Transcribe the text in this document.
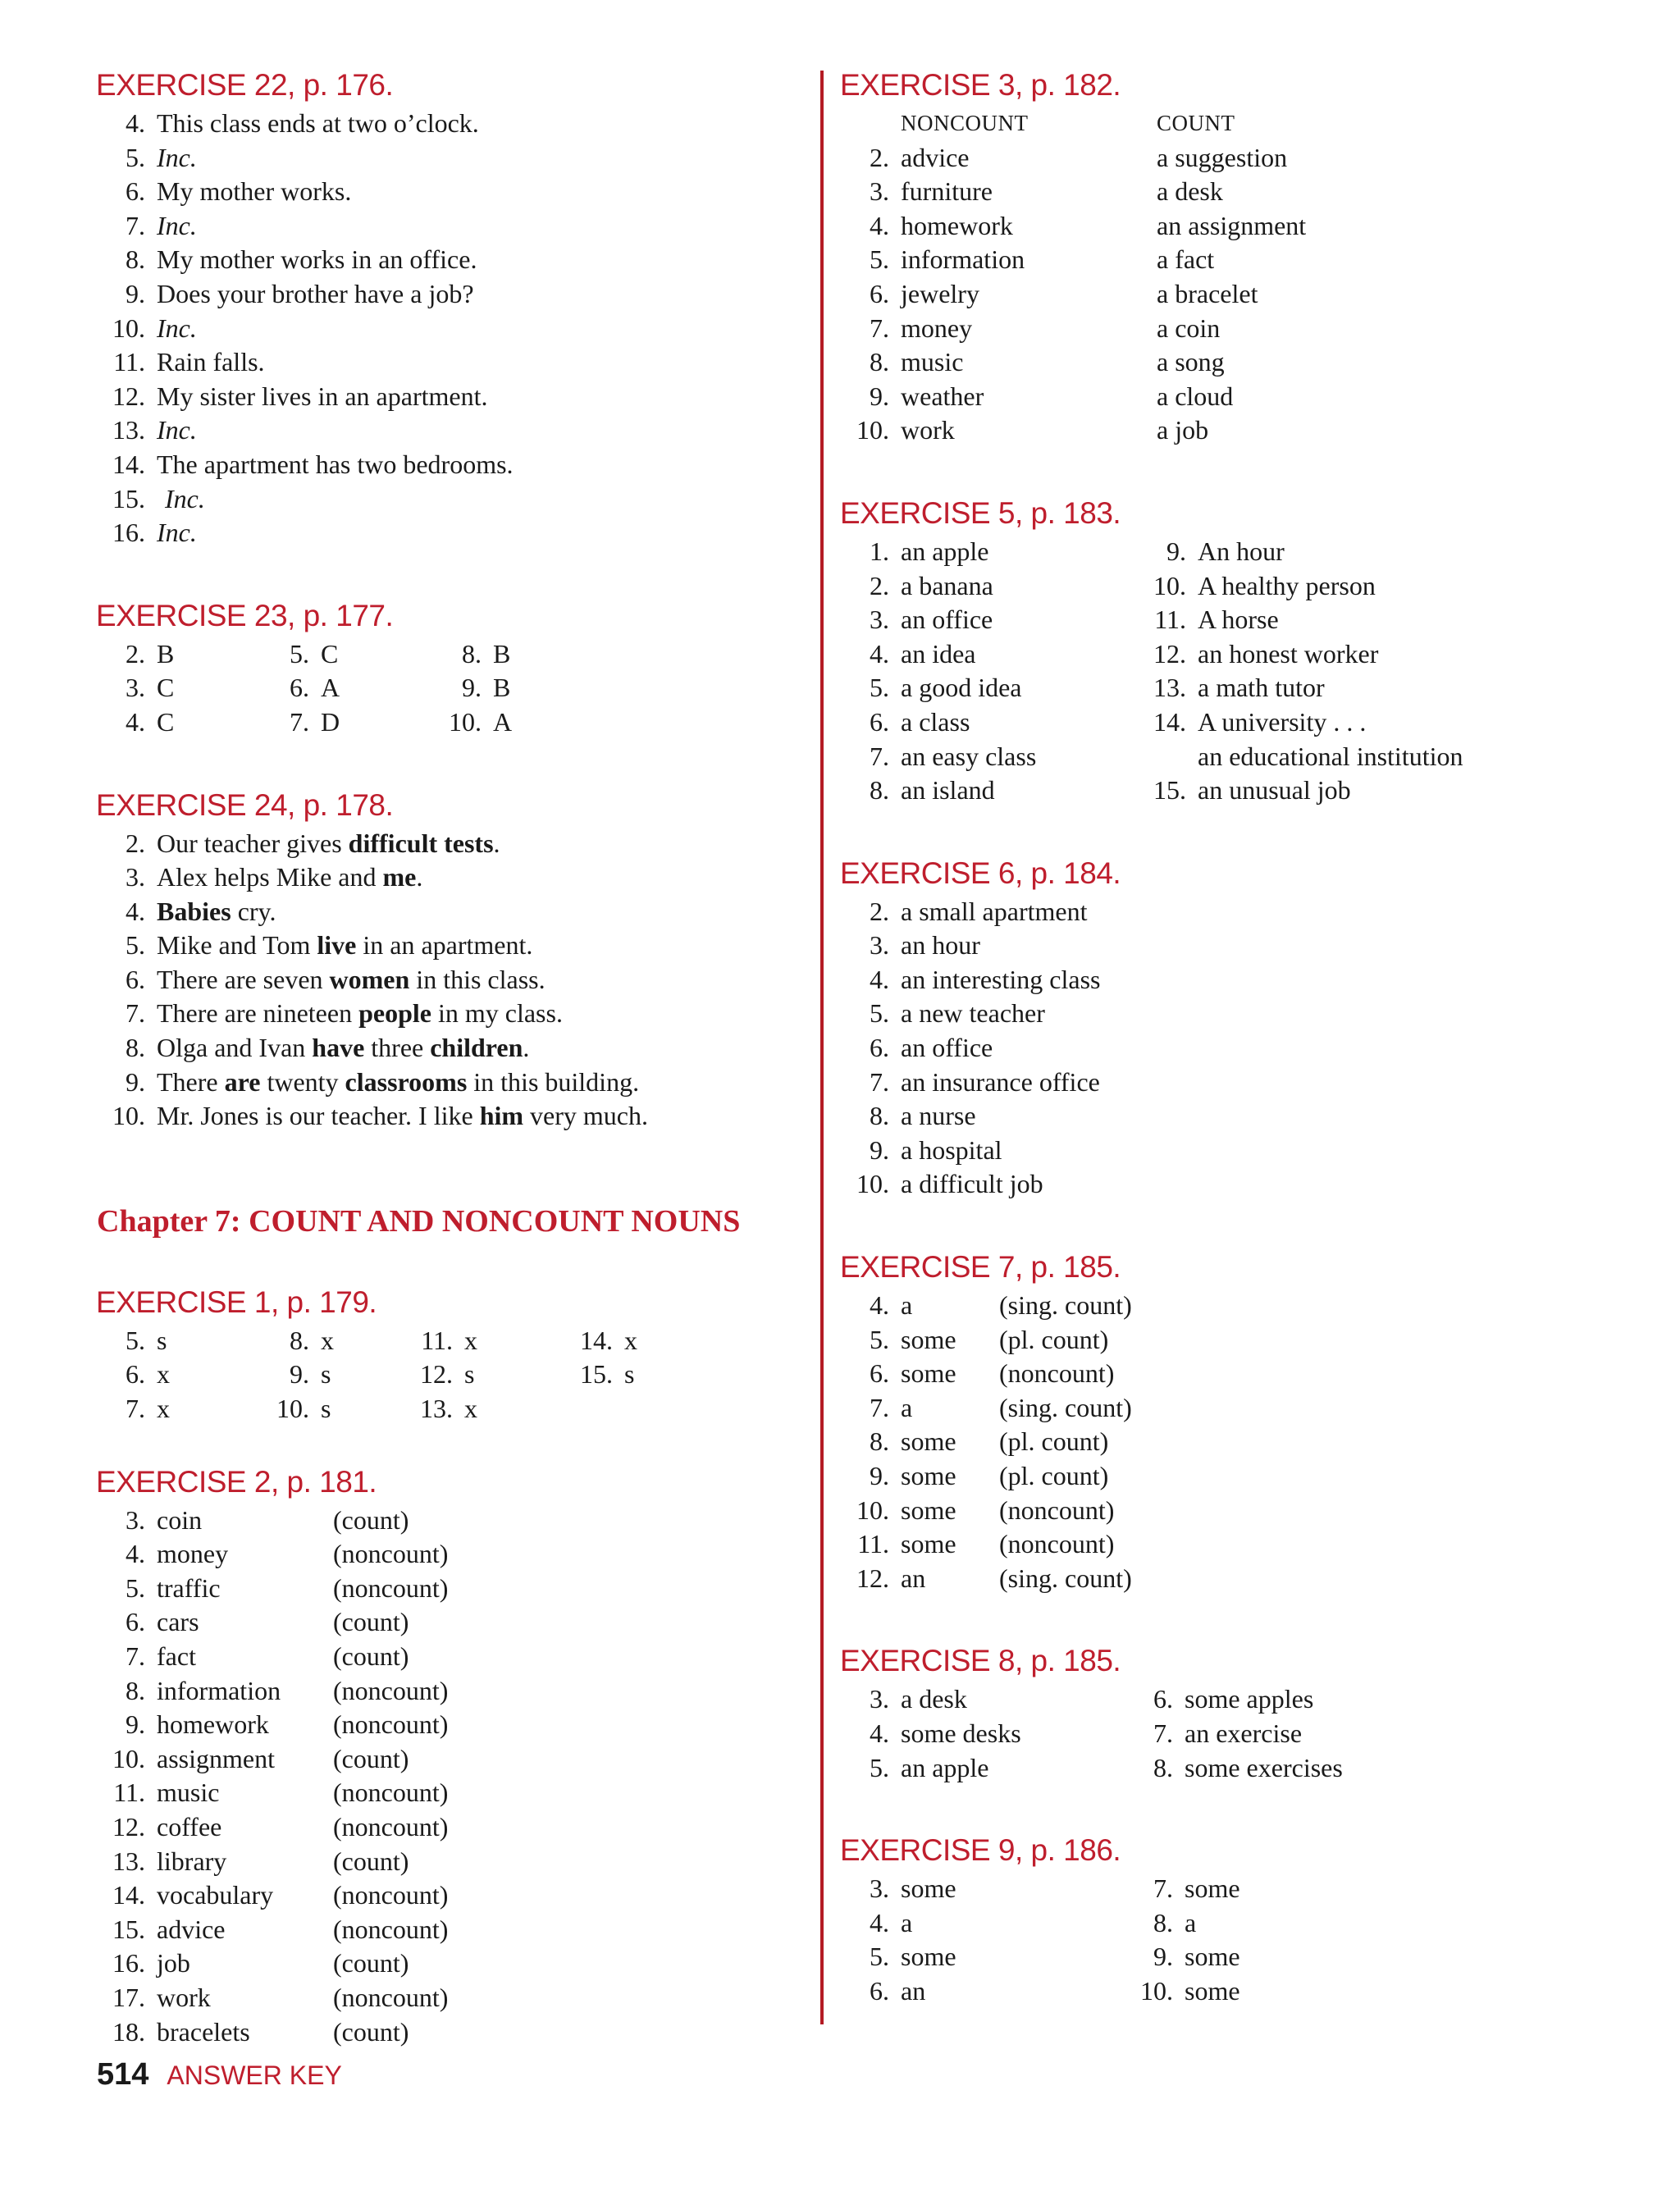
EXERCISE 22, p. 176.
4. This class ends at two o’clock.
5. Inc.
6. My mother works.
7. Inc.
8. My mother works in an office.
9. Does your brother have a job?
10. Inc.
11. Rain falls.
12. My sister lives in an apartment.
13. Inc.
14. The apartment has two bedrooms.
15. Inc.
16. Inc.
EXERCISE 23, p. 177.
2. B
3. C
4. C
5. C
6. A
7. D
8. B
9. B
10. A
EXERCISE 24, p. 178.
2. Our teacher gives difficult tests.
3. Alex helps Mike and me.
4. Babies cry.
5. Mike and Tom live in an apartment.
6. There are seven women in this class.
7. There are nineteen people in my class.
8. Olga and Ivan have three children.
9. There are twenty classrooms in this building.
10. Mr. Jones is our teacher. I like him very much.
Chapter 7: COUNT AND NONCOUNT NOUNS
EXERCISE 1, p. 179.
5. s
6. x
7. x
8. x
9. s
10. s
11. x
12. s
13. x
14. x
15. s
EXERCISE 2, p. 181.
3. coin	(count)
4. money	(noncount)
5. traffic	(noncount)
6. cars	(count)
7. fact	(count)
8. information	(noncount)
9. homework	(noncount)
10. assignment	(count)
11. music	(noncount)
12. coffee	(noncount)
13. library	(count)
14. vocabulary	(noncount)
15. advice	(noncount)
16. job	(count)
17. work	(noncount)
18. bracelets	(count)
EXERCISE 3, p. 182.
NONCOUNT	COUNT
2. advice	a suggestion
3. furniture	a desk
4. homework	an assignment
5. information	a fact
6. jewelry	a bracelet
7. money	a coin
8. music	a song
9. weather	a cloud
10. work	a job
EXERCISE 5, p. 183.
1. an apple
2. a banana
3. an office
4. an idea
5. a good idea
6. a class
7. an easy class
8. an island
9. An hour
10. A healthy person
11. A horse
12. an honest worker
13. a math tutor
14. A university . . .
an educational institution
15. an unusual job
EXERCISE 6, p. 184.
2. a small apartment
3. an hour
4. an interesting class
5. a new teacher
6. an office
7. an insurance office
8. a nurse
9. a hospital
10. a difficult job
EXERCISE 7, p. 185.
4. a	(sing. count)
5. some	(pl. count)
6. some	(noncount)
7. a	(sing. count)
8. some	(pl. count)
9. some	(pl. count)
10. some	(noncount)
11. some	(noncount)
12. an	(sing. count)
EXERCISE 8, p. 185.
3. a desk
4. some desks
5. an apple
6. some apples
7. an exercise
8. some exercises
EXERCISE 9, p. 186.
3. some
4. a
5. some
6. an
7. some
8. a
9. some
10. some
514 ANSWER KEY
